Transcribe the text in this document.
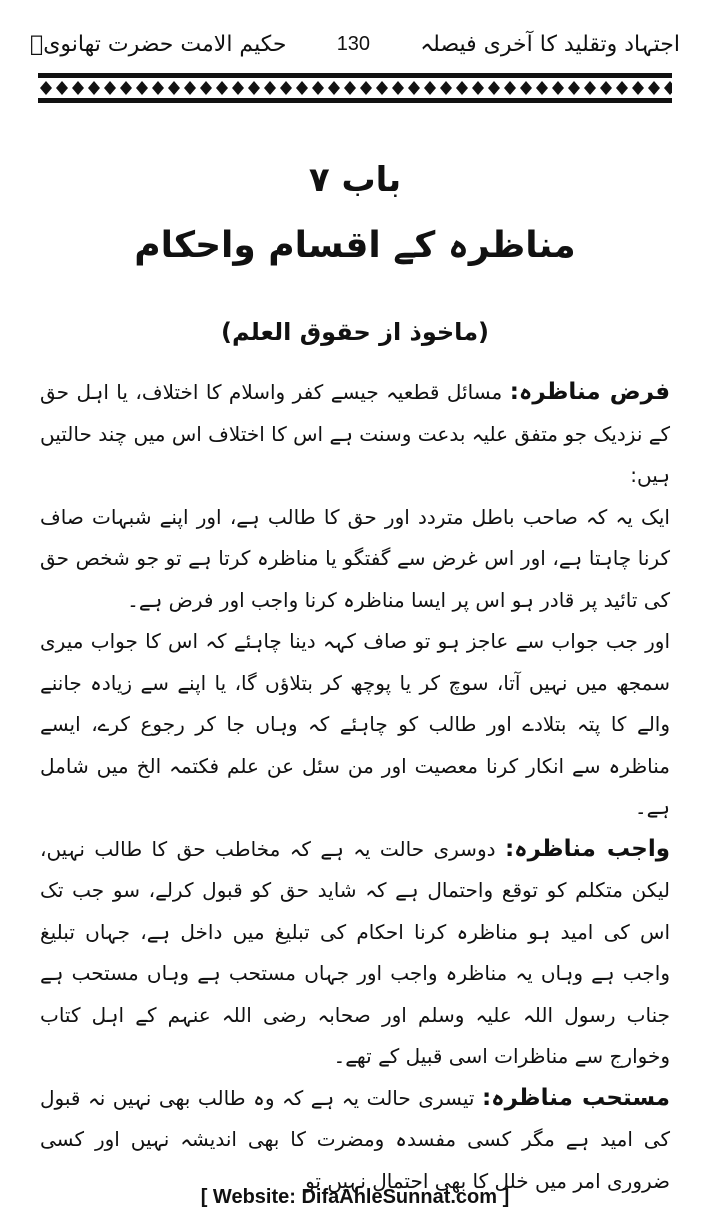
اجتہاد وتقلید کا آخری فیصلہ
130
حکیم الامت حضرت تھانویؒ
باب ۷
مناظرہ کے اقسام واحکام
(ماخوذ از حقوق العلم)

فرض مناظرہ: مسائل قطعیہ جیسے کفر واسلام کا اختلاف، یا اہل حق کے نزدیک جو متفق علیہ بدعت وسنت ہے اس کا اختلاف اس میں چند حالتیں ہیں:

ایک یہ کہ صاحب باطل متردد اور حق کا طالب ہے، اور اپنے شبہات صاف کرنا چاہتا ہے، اور اس غرض سے گفتگو یا مناظرہ کرتا ہے تو جو شخص حق کی تائید پر قادر ہو اس پر ایسا مناظرہ کرنا واجب اور فرض ہے۔

اور جب جواب سے عاجز ہو تو صاف کہہ دینا چاہئے کہ اس کا جواب میری سمجھ میں نہیں آتا، سوچ کر یا پوچھ کر بتلاؤں گا، یا اپنے سے زیادہ جاننے والے کا پتہ بتلادے اور طالب کو چاہئے کہ وہاں جا کر رجوع کرے، ایسے مناظرہ سے انکار کرنا معصیت اور من سئل عن علم فکتمہ الخ میں شامل ہے۔

واجب مناظرہ: دوسری حالت یہ ہے کہ مخاطب حق کا طالب نہیں، لیکن متکلم کو توقع واحتمال ہے کہ شاید حق کو قبول کرلے، سو جب تک اس کی امید ہو مناظرہ کرنا احکام کی تبلیغ میں داخل ہے، جہاں تبلیغ واجب ہے وہاں یہ مناظرہ واجب اور جہاں مستحب ہے وہاں مستحب ہے جناب رسول اللہ علیہ وسلم اور صحابہ رضی اللہ عنہم کے اہل کتاب وخوارج سے مناظرات اسی قبیل کے تھے۔

مستحب مناظرہ: تیسری حالت یہ ہے کہ وہ طالب بھی نہیں نہ قبول کی امید ہے مگر کسی مفسدہ ومضرت کا بھی اندیشہ نہیں اور کسی ضروری امر میں خلل کا بھی احتمال نہیں تو

[ Website: DifaAhleSunnat.com ]
